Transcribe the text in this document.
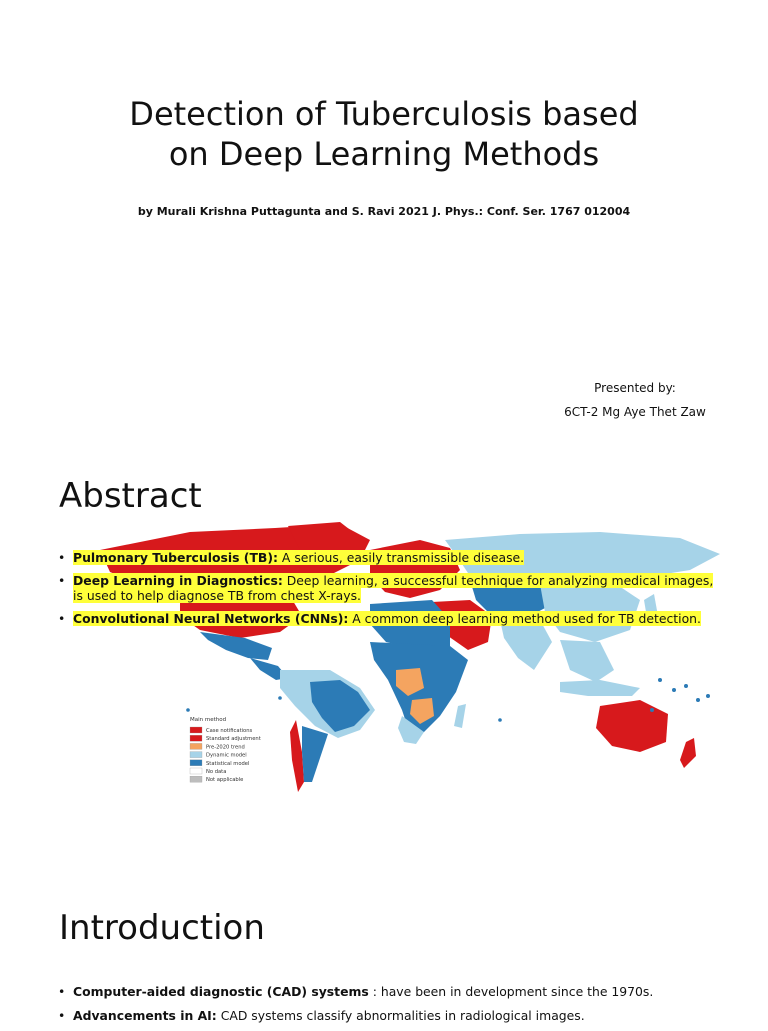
Detection of Tuberculosis based
on Deep Learning Methods
by Murali Krishna Puttagunta and S. Ravi 2021 J. Phys.: Conf. Ser. 1767 012004
Presented by:
6CT-2 Mg Aye Thet Zaw
Abstract
Main method
Case notifications
Standard adjustment
Pre-2020 trend
Dynamic model
Statistical model
No data
Not applicable
• Pulmonary Tuberculosis (TB): A serious, easily transmissible disease.
• Deep Learning in Diagnostics: Deep learning, a successful technique for analyzing medical images, is used to help diagnose TB from chest X-rays.
• Convolutional Neural Networks (CNNs): A common deep learning method used for TB detection.
Introduction
• Computer-aided diagnostic (CAD) systems : have been in development since the 1970s.
• Advancements in AI: CAD systems classify abnormalities in radiological images.
